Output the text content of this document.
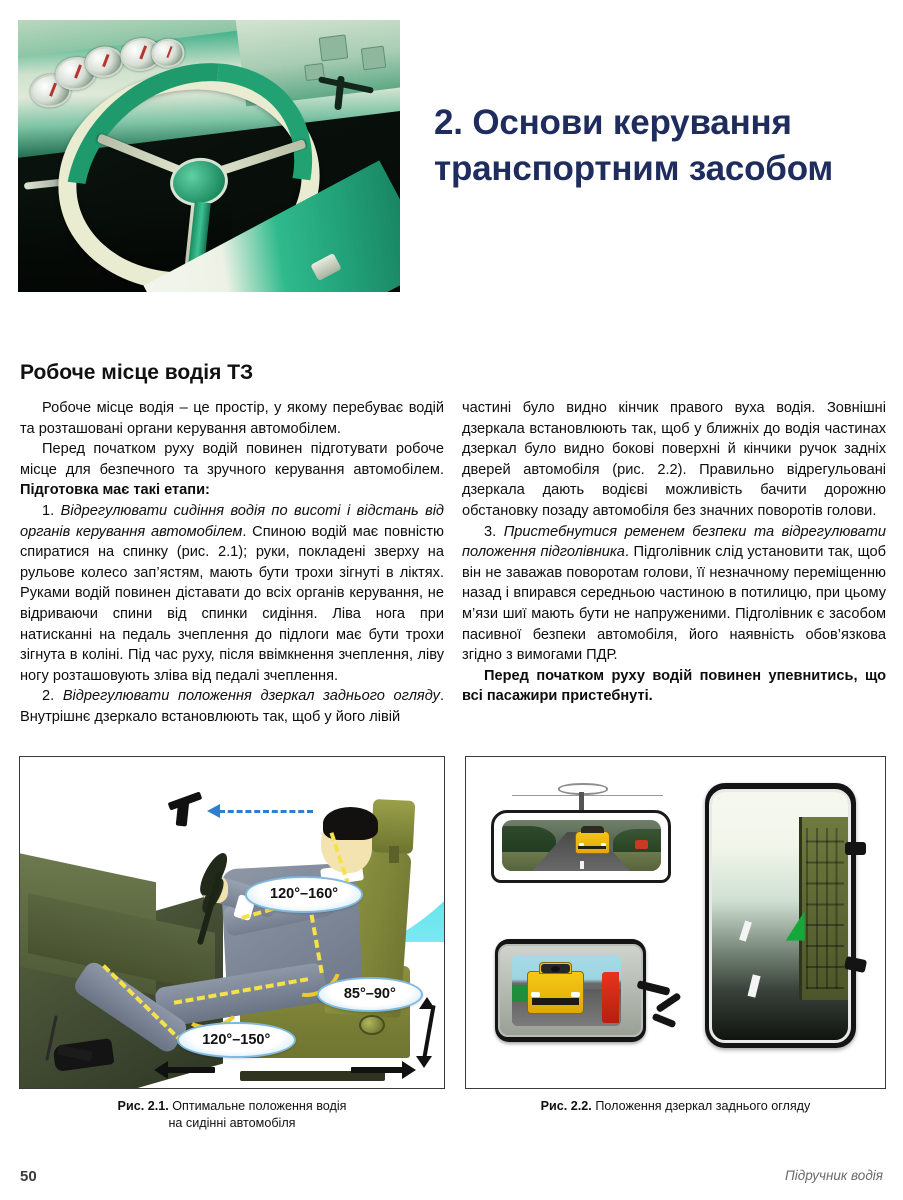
2. Основи керування
транспортним засобом
Робоче місце водія ТЗ

Робоче місце водія – це простір, у якому перебуває водій та розташовані органи керування автомобілем.

Перед початком руху водій повинен підготувати робоче місце для безпечного та зручного керування автомобілем. Підготовка має такі етапи:

1. Відрегулювати сидіння водія по висоті і відстань від органів керування автомобілем. Спиною водій має повністю спиратися на спинку (рис. 2.1); руки, покладені зверху на рульове колесо зап’ястям, мають бути трохи зігнуті в ліктях. Руками водій повинен діставати до всіх органів керування, не відриваючи спини від спинки сидіння. Ліва нога при натисканні на педаль зчеплення до підлоги має бути трохи зігнута в коліні. Під час руху, після ввімкнення зчеплення, ліву ногу розташовують зліва від педалі зчеплення.

2. Відрегулювати положення дзеркал заднього огляду. Внутрішнє дзеркало встановлюють так, щоб у його лівій

частині було видно кінчик правого вуха водія. Зовнішні дзеркала встановлюють так, щоб у ближніх до водія частинах дзеркал було видно бокові поверхні й кінчики ручок задніх дверей автомобіля (рис. 2.2). Правильно відрегульовані дзеркала дають водієві можливість бачити дорожню обстановку позаду автомобіля без значних поворотів голови.

3. Пристебнутися ременем безпеки та відрегулювати положення підголівника. Підголівник слід установити так, щоб він не заважав поворотам голови, її незначному переміщенню назад і впирався середньою частиною в потилицю, при цьому м’язи шиї мають бути не напруженими. Підголівник є засобом пасивної безпеки автомобіля, його наявність обов’язкова згідно з вимогами ПДР.

Перед початком руху водій повинен упевнитись, що всі пасажири пристебнуті.

120°–160°
85°–90°
120°–150°
Рис. 2.1. Оптимальне положення водія
на сидінні автомобіля
Рис. 2.2. Положення дзеркал заднього огляду
50	Підручник водія
